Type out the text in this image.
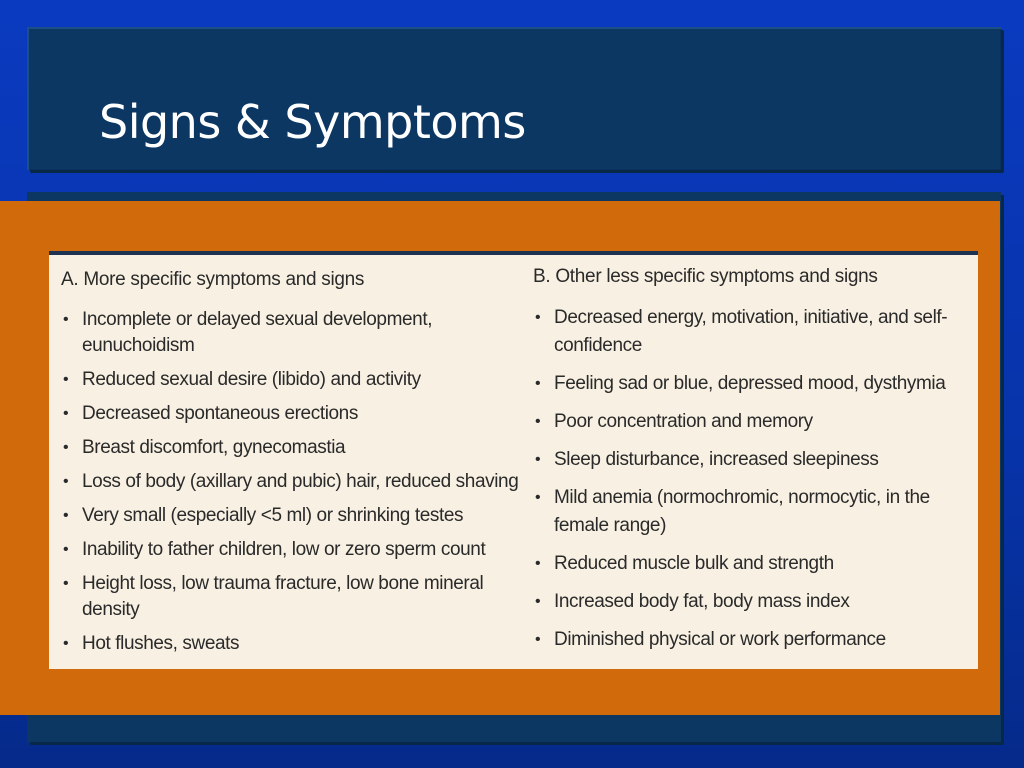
Signs & Symptoms
A. More specific symptoms and signs
• Incomplete or delayed sexual development, eunuchoidism
• Reduced sexual desire (libido) and activity
• Decreased spontaneous erections
• Breast discomfort, gynecomastia
• Loss of body (axillary and pubic) hair, reduced shaving
• Very small (especially <5 ml) or shrinking testes
• Inability to father children, low or zero sperm count
• Height loss, low trauma fracture, low bone mineral density
• Hot flushes, sweats
B. Other less specific symptoms and signs
• Decreased energy, motivation, initiative, and self-confidence
• Feeling sad or blue, depressed mood, dysthymia
• Poor concentration and memory
• Sleep disturbance, increased sleepiness
• Mild anemia (normochromic, normocytic, in the female range)
• Reduced muscle bulk and strength
• Increased body fat, body mass index
• Diminished physical or work performance
